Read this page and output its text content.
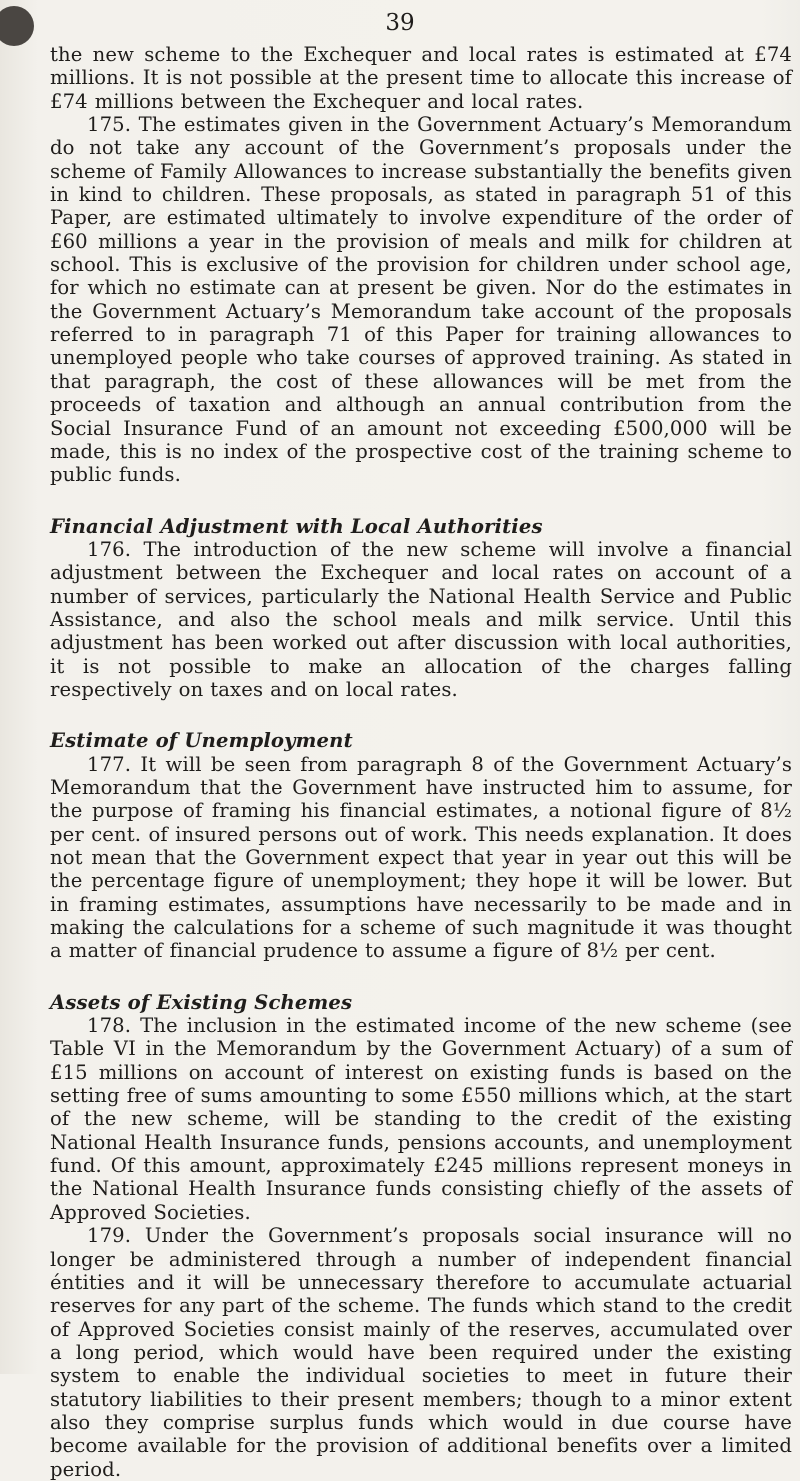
39

the new scheme to the Exchequer and local rates is estimated at £74 millions. It is not possible at the present time to allocate this increase of £74 millions between the Exchequer and local rates.

175. The estimates given in the Government Actuary’s Memorandum do not take any account of the Government’s proposals under the scheme of Family Allowances to increase substantially the benefits given in kind to children. These proposals, as stated in paragraph 51 of this Paper, are estimated ultimately to involve expenditure of the order of £60 millions a year in the provision of meals and milk for children at school. This is exclusive of the provision for children under school age, for which no estimate can at present be given. Nor do the estimates in the Government Actuary’s Memorandum take account of the proposals referred to in paragraph 71 of this Paper for training allowances to unemployed people who take courses of approved training. As stated in that paragraph, the cost of these allowances will be met from the proceeds of taxation and although an annual contribution from the Social Insurance Fund of an amount not exceeding £500,000 will be made, this is no index of the prospective cost of the training scheme to public funds.

Financial Adjustment with Local Authorities

176. The introduction of the new scheme will involve a financial adjustment between the Exchequer and local rates on account of a number of services, particularly the National Health Service and Public Assistance, and also the school meals and milk service. Until this adjustment has been worked out after discussion with local authorities, it is not possible to make an allocation of the charges falling respectively on taxes and on local rates.

Estimate of Unemployment

177. It will be seen from paragraph 8 of the Government Actuary’s Memorandum that the Government have instructed him to assume, for the purpose of framing his financial estimates, a notional figure of 8½ per cent. of insured persons out of work. This needs explanation. It does not mean that the Government expect that year in year out this will be the percentage figure of unemployment; they hope it will be lower. But in framing estimates, assumptions have necessarily to be made and in making the calculations for a scheme of such magnitude it was thought a matter of financial prudence to assume a figure of 8½ per cent.

Assets of Existing Schemes

178. The inclusion in the estimated income of the new scheme (see Table VI in the Memorandum by the Government Actuary) of a sum of £15 millions on account of interest on existing funds is based on the setting free of sums amounting to some £550 millions which, at the start of the new scheme, will be standing to the credit of the existing National Health Insurance funds, pensions accounts, and unemployment fund. Of this amount, approximately £245 millions represent moneys in the National Health Insurance funds consisting chiefly of the assets of Approved Societies.

179. Under the Government’s proposals social insurance will no longer be administered through a number of independent financial éntities and it will be unnecessary therefore to accumulate actuarial reserves for any part of the scheme. The funds which stand to the credit of Approved Societies consist mainly of the reserves, accumulated over a long period, which would have been required under the existing system to enable the individual societies to meet in future their statutory liabilities to their present members; though to a minor extent also they comprise surplus funds which would in due course have become available for the provision of additional benefits over a limited period.
